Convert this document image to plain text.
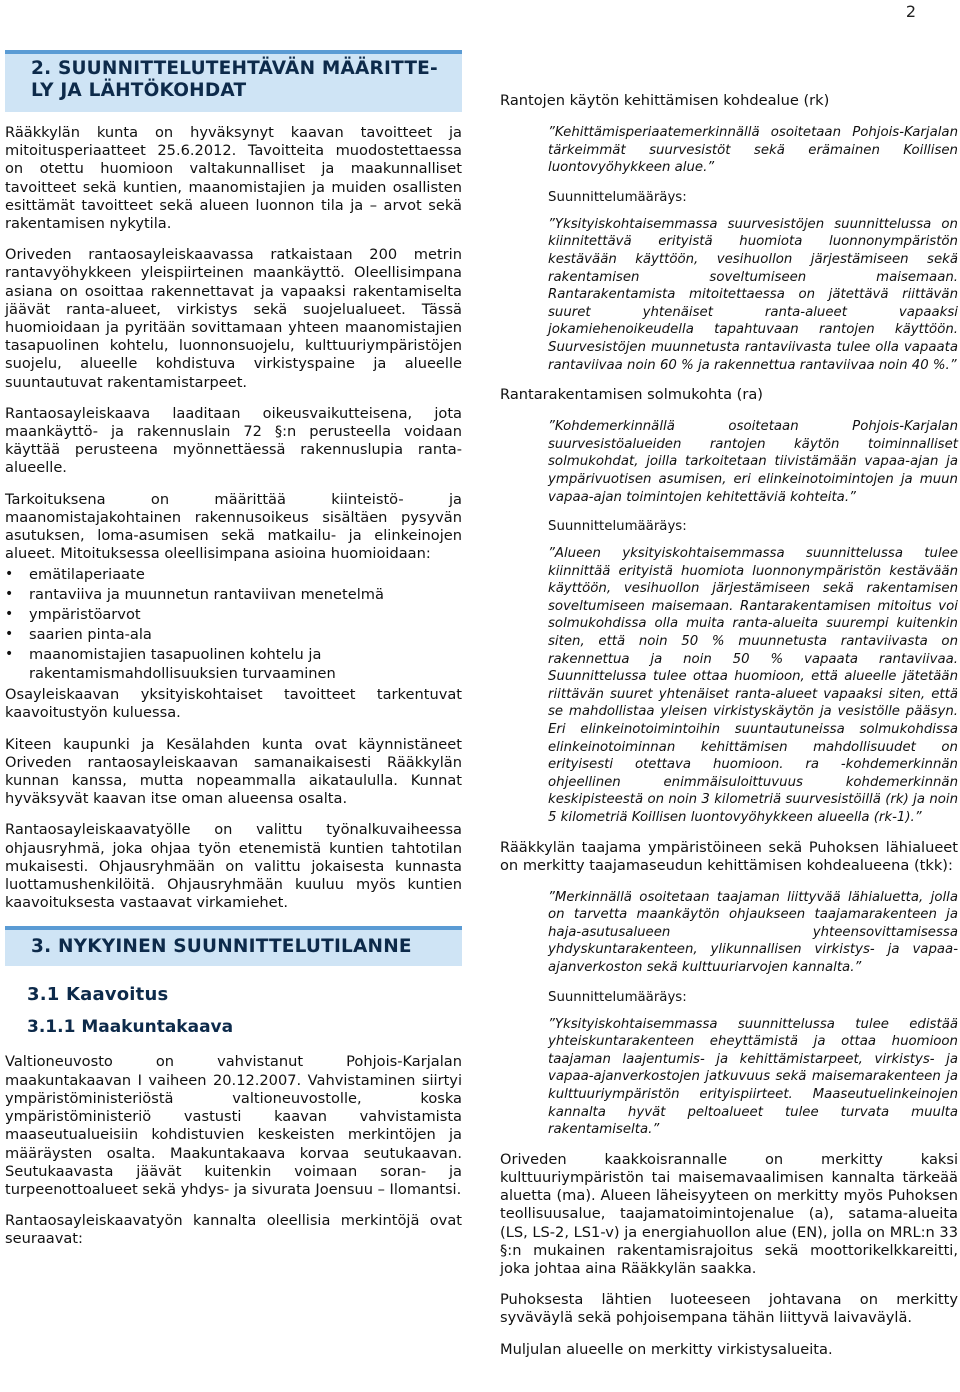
2
2. SUUNNITTELUTEHTÄVÄN MÄÄRITTE-LY JA LÄHTÖKOHDAT

Rääkkylän kunta on hyväksynyt kaavan tavoitteet ja mitoitusperiaatteet 25.6.2012. Tavoitteita muodostettaessa on otettu huomioon valtakunnalliset ja maakunnalliset tavoitteet sekä kuntien, maanomistajien ja muiden osallisten esittämät tavoitteet sekä alueen luonnon tila ja – arvot sekä rakentamisen nykytila.

Oriveden rantaosayleiskaavassa ratkaistaan 200 metrin rantavyöhykkeen yleispiirteinen maankäyttö. Oleellisimpana asiana on osoittaa rakennettavat ja vapaaksi rakentamiselta jäävät ranta-alueet, virkistys sekä suojelualueet. Tässä huomioidaan ja pyritään sovittamaan yhteen maanomistajien tasapuolinen kohtelu, luonnonsuojelu, kulttuuriympäristöjen suojelu, alueelle kohdistuva virkistyspaine ja alueelle suuntautuvat rakentamistarpeet.

Rantaosayleiskaava laaditaan oikeusvaikutteisena, jota maankäyttö- ja rakennuslain 72 §:n perusteella voidaan käyttää perusteena myönnettäessä rakennuslupia ranta-alueelle.

Tarkoituksena on määrittää kiinteistö- ja maanomistajakohtainen rakennusoikeus sisältäen pysyvän asutuksen, loma-asumisen sekä matkailu- ja elinkeinojen alueet. Mitoituksessa oleellisimpana asioina huomioidaan:

• emätilaperiaate
• rantaviiva ja muunnetun rantaviivan menetelmä
• ympäristöarvot
• saarien pinta-ala
• maanomistajien tasapuolinen kohtelu ja rakentamismahdollisuuksien turvaaminen

Osayleiskaavan yksityiskohtaiset tavoitteet tarkentuvat kaavoitustyön kuluessa.

Kiteen kaupunki ja Kesälahden kunta ovat käynnistäneet Oriveden rantaosayleiskaavan samanaikaisesti Rääkkylän kunnan kanssa, mutta nopeammalla aikataululla. Kunnat hyväksyvät kaavan itse oman alueensa osalta.

Rantaosayleiskaavatyölle on valittu työnalkuvaiheessa ohjausryhmä, joka ohjaa työn etenemistä kuntien tahtotilan mukaisesti. Ohjausryhmään on valittu jokaisesta kunnasta luottamushenkilöitä. Ohjausryhmään kuuluu myös kuntien kaavoituksesta vastaavat virkamiehet.

3. NYKYINEN SUUNNITTELUTILANNE
3.1 Kaavoitus
3.1.1 Maakuntakaava

Valtioneuvosto on vahvistanut Pohjois-Karjalan maakuntakaavan I vaiheen 20.12.2007. Vahvistaminen siirtyi ympäristöministeriöstä valtioneuvostolle, koska ympäristöministeriö vastusti kaavan vahvistamista maaseutualueisiin kohdistuvien keskeisten merkintöjen ja määräysten osalta. Maakuntakaava korvaa seutukaavan. Seutukaavasta jäävät kuitenkin voimaan soran- ja turpeenottoalueet sekä yhdys- ja sivurata Joensuu – Ilomantsi.

Rantaosayleiskaavatyön kannalta oleellisia merkintöjä ovat seuraavat:

Rantojen käytön kehittämisen kohdealue (rk)

”Kehittämisperiaatemerkinnällä osoitetaan Pohjois-Karjalan tärkeimmät suurvesistöt sekä erämainen Koillisen luontovyöhykkeen alue.”
Suunnittelumääräys:
”Yksityiskohtaisemmassa suurvesistöjen suunnittelussa on kiinnitettävä erityistä huomiota luonnonympäristön kestävään käyttöön, vesihuollon järjestämiseen sekä rakentamisen soveltumiseen maisemaan. Rantarakentamista mitoitettaessa on jätettävä riittävän suuret yhtenäiset ranta-alueet vapaaksi jokamiehenoikeudella tapahtuvaan rantojen käyttöön. Suurvesistöjen muunnetusta rantaviivasta tulee olla vapaata rantaviivaa noin 60 % ja rakennettua rantaviivaa noin 40 %.”

Rantarakentamisen solmukohta (ra)

”Kohdemerkinnällä osoitetaan Pohjois-Karjalan suurvesistöalueiden rantojen käytön toiminnalliset solmukohdat, joilla tarkoitetaan tiivistämään vapaa-ajan ja ympärivuotisen asumisen, eri elinkeinotoimintojen ja muun vapaa-ajan toimintojen kehitettäviä kohteita.”
Suunnittelumääräys:
”Alueen yksityiskohtaisemmassa suunnittelussa tulee kiinnittää erityistä huomiota luonnonympäristön kestävään käyttöön, vesihuollon järjestämiseen sekä rakentamisen soveltumiseen maisemaan. Rantarakentamisen mitoitus voi solmukohdissa olla muita ranta-alueita suurempi kuitenkin siten, että noin 50 % muunnetusta rantaviivasta on rakennettua ja noin 50 % vapaata rantaviivaa. Suunnittelussa tulee ottaa huomioon, että alueelle jätetään riittävän suuret yhtenäiset ranta-alueet vapaaksi siten, että se mahdollistaa yleisen virkistyskäytön ja vesistölle pääsyn. Eri elinkeinotoimintoihin suuntautuneissa solmukohdissa elinkeinotoiminnan kehittämisen mahdollisuudet on erityisesti otettava huomioon. ra -kohdemerkinnän ohjeellinen enimmäisuloittuvuus kohdemerkinnän keskipisteestä on noin 3 kilometriä suurvesistöillä (rk) ja noin 5 kilometriä Koillisen luontovyöhykkeen alueella (rk-1).”

Rääkkylän taajama ympäristöineen sekä Puhoksen lähialueet on merkitty taajamaseudun kehittämisen kohdealueena (tkk):

”Merkinnällä osoitetaan taajaman liittyvää lähialuetta, jolla on tarvetta maankäytön ohjaukseen taajamarakenteen ja haja-asutusalueen yhteensovittamisessa yhdyskuntarakenteen, ylikunnallisen virkistys- ja vapaa-ajanverkoston sekä kulttuuriarvojen kannalta.”
Suunnittelumääräys:
”Yksityiskohtaisemmassa suunnittelussa tulee edistää yhteiskuntarakenteen eheyttämistä ja ottaa huomioon taajaman laajentumis- ja kehittämistarpeet, virkistys- ja vapaa-ajanverkostojen jatkuvuus sekä maisemarakenteen ja kulttuuriympäristön erityispiirteet. Maaseutuelinkeinojen kannalta hyvät peltoalueet tulee turvata muulta rakentamiselta.”

Oriveden kaakkoisrannalle on merkitty kaksi kulttuuriympäristön tai maisemavaalimisen kannalta tärkeää aluetta (ma). Alueen läheisyyteen on merkitty myös Puhoksen teollisuusalue, taajamatoimintojenalue (a), satama-alueita (LS, LS-2, LS1-v) ja energiahuollon alue (EN), jolla on MRL:n 33 §:n mukainen rakentamisrajoitus sekä moottorikelkkareitti, joka johtaa aina Rääkkylän saakka.

Puhoksesta lähtien luoteeseen johtavana on merkitty syväväylä sekä pohjoisempana tähän liittyvä laivaväylä.

Muljulan alueelle on merkitty virkistysalueita.
